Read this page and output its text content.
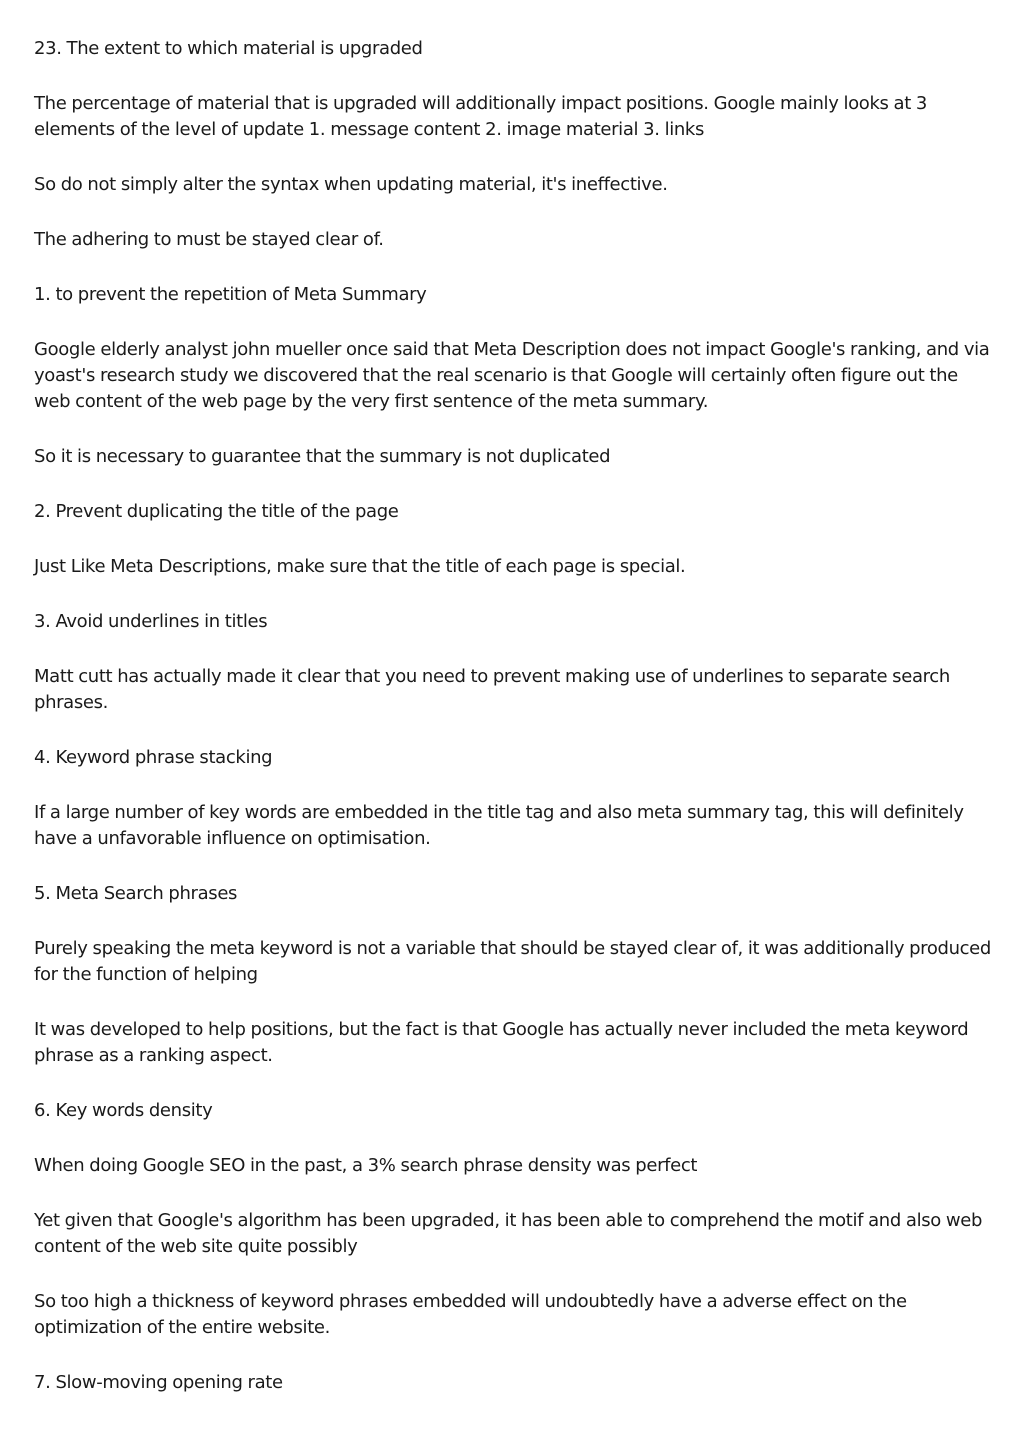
23. The extent to which material is upgraded

The percentage of material that is upgraded will additionally impact positions. Google mainly looks at 3 elements of the level of update 1. message content 2. image material 3. links

So do not simply alter the syntax when updating material, it's ineffective.

The adhering to must be stayed clear of.

1. to prevent the repetition of Meta Summary

Google elderly analyst john mueller once said that Meta Description does not impact Google's ranking, and via yoast's research study we discovered that the real scenario is that Google will certainly often figure out the web content of the web page by the very first sentence of the meta summary.

So it is necessary to guarantee that the summary is not duplicated

2. Prevent duplicating the title of the page

Just Like Meta Descriptions, make sure that the title of each page is special.

3. Avoid underlines in titles

Matt cutt has actually made it clear that you need to prevent making use of underlines to separate search phrases.

4. Keyword phrase stacking

If a large number of key words are embedded in the title tag and also meta summary tag, this will definitely have a unfavorable influence on optimisation.

5. Meta Search phrases

Purely speaking the meta keyword is not a variable that should be stayed clear of, it was additionally produced for the function of helping

It was developed to help positions, but the fact is that Google has actually never included the meta keyword phrase as a ranking aspect.

6. Key words density

When doing Google SEO in the past, a 3% search phrase density was perfect

Yet given that Google's algorithm has been upgraded, it has been able to comprehend the motif and also web content of the web site quite possibly

So too high a thickness of keyword phrases embedded will undoubtedly have a adverse effect on the optimization of the entire website.

7. Slow-moving opening rate
